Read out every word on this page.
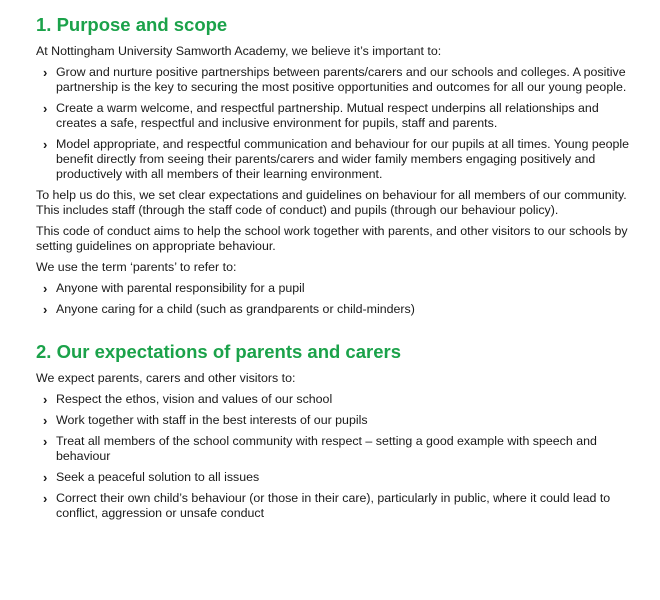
1. Purpose and scope

At Nottingham University Samworth Academy, we believe it’s important to:

› Grow and nurture positive partnerships between parents/carers and our schools and colleges. A positive partnership is the key to securing the most positive opportunities and outcomes for all our young people.
› Create a warm welcome, and respectful partnership. Mutual respect underpins all relationships and creates a safe, respectful and inclusive environment for pupils, staff and parents.
› Model appropriate, and respectful communication and behaviour for our pupils at all times. Young people benefit directly from seeing their parents/carers and wider family members engaging positively and productively with all members of their learning environment.

To help us do this, we set clear expectations and guidelines on behaviour for all members of our community. This includes staff (through the staff code of conduct) and pupils (through our behaviour policy).

This code of conduct aims to help the school work together with parents, and other visitors to our schools by setting guidelines on appropriate behaviour.

We use the term ‘parents’ to refer to:

› Anyone with parental responsibility for a pupil
› Anyone caring for a child (such as grandparents or child-minders)
2. Our expectations of parents and carers

We expect parents, carers and other visitors to:

› Respect the ethos, vision and values of our school
› Work together with staff in the best interests of our pupils
› Treat all members of the school community with respect – setting a good example with speech and behaviour
› Seek a peaceful solution to all issues
› Correct their own child’s behaviour (or those in their care), particularly in public, where it could lead to conflict, aggression or unsafe conduct
